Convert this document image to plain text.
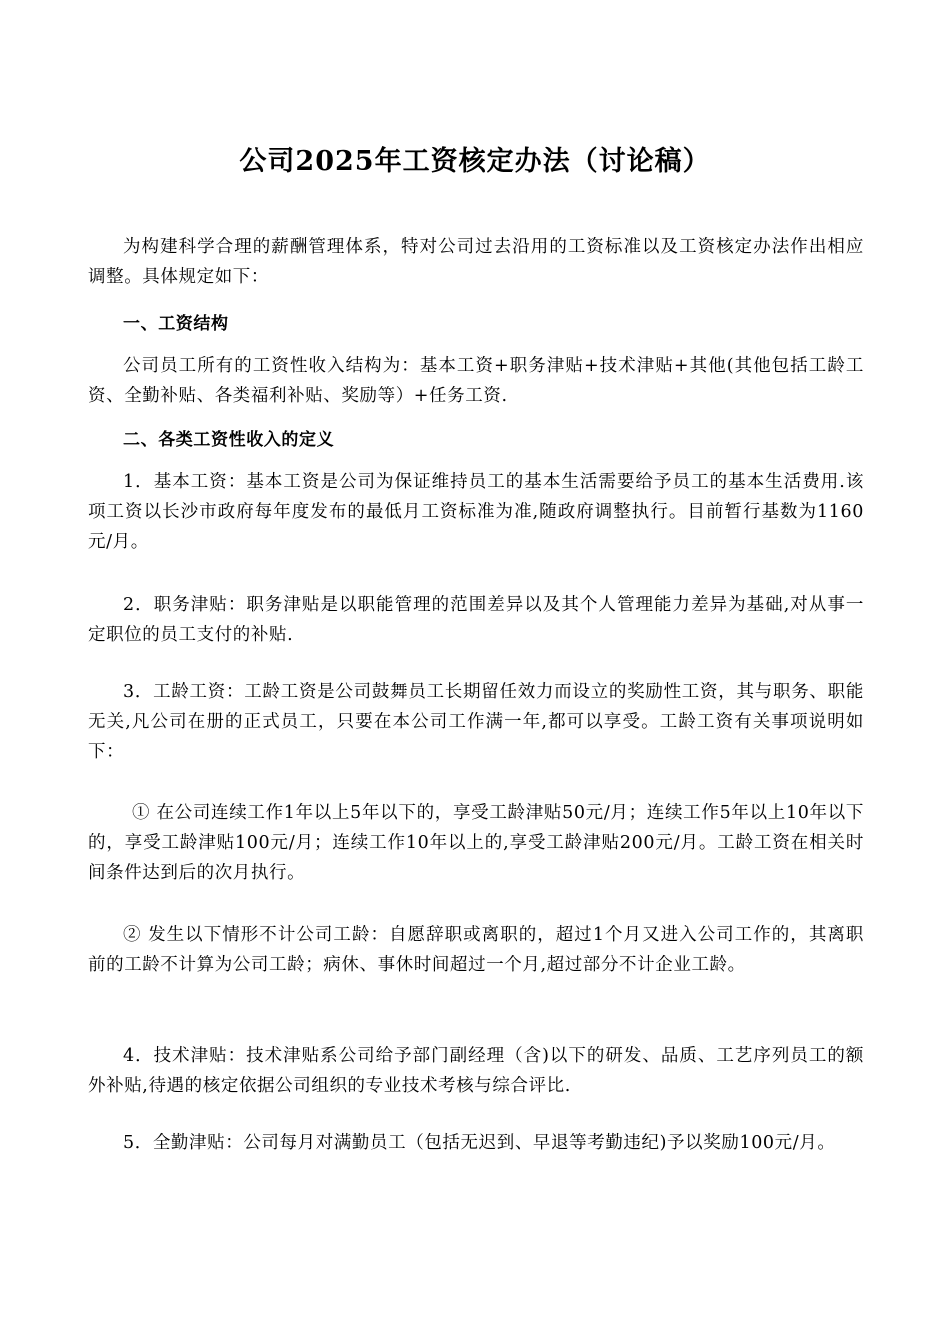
公司2025年工资核定办法（讨论稿）
为构建科学合理的薪酬管理体系，特对公司过去沿用的工资标准以及工资核定办法作出相应调整。具体规定如下：
一、工资结构
公司员工所有的工资性收入结构为：基本工资+职务津贴+技术津贴+其他(其他包括工龄工资、全勤补贴、各类福利补贴、奖励等）+任务工资.
二、各类工资性收入的定义
1．基本工资：基本工资是公司为保证维持员工的基本生活需要给予员工的基本生活费用.该项工资以长沙市政府每年度发布的最低月工资标准为准,随政府调整执行。目前暂行基数为1160元/月。
2．职务津贴：职务津贴是以职能管理的范围差异以及其个人管理能力差异为基础,对从事一定职位的员工支付的补贴.
3．工龄工资：工龄工资是公司鼓舞员工长期留任效力而设立的奖励性工资，其与职务、职能无关,凡公司在册的正式员工，只要在本公司工作满一年,都可以享受。工龄工资有关事项说明如下：
① 在公司连续工作1年以上5年以下的，享受工龄津贴50元/月；连续工作5年以上10年以下的，享受工龄津贴100元/月；连续工作10年以上的,享受工龄津贴200元/月。工龄工资在相关时间条件达到后的次月执行。
② 发生以下情形不计公司工龄：自愿辞职或离职的，超过1个月又进入公司工作的，其离职前的工龄不计算为公司工龄；病休、事休时间超过一个月,超过部分不计企业工龄。
4．技术津贴：技术津贴系公司给予部门副经理（含)以下的研发、品质、工艺序列员工的额外补贴,待遇的核定依据公司组织的专业技术考核与综合评比.
5．全勤津贴：公司每月对满勤员工（包括无迟到、早退等考勤违纪)予以奖励100元/月。
